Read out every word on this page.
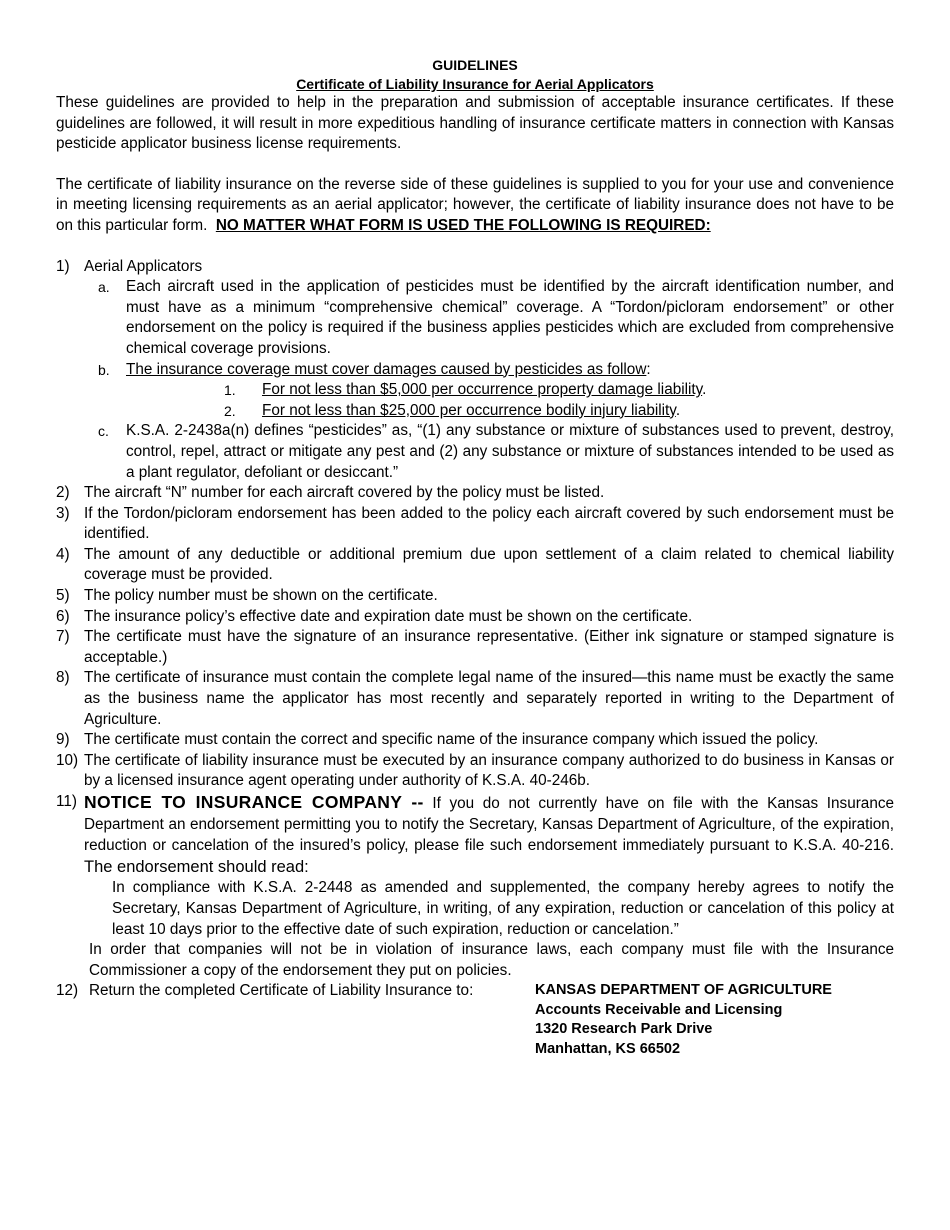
GUIDELINES
Certificate of Liability Insurance for Aerial Applicators

These guidelines are provided to help in the preparation and submission of acceptable insurance certificates. If these guidelines are followed, it will result in more expeditious handling of insurance certificate matters in connection with Kansas pesticide applicator business license requirements.

The certificate of liability insurance on the reverse side of these guidelines is supplied to you for your use and convenience in meeting licensing requirements as an aerial applicator; however, the certificate of liability insurance does not have to be on this particular form. NO MATTER WHAT FORM IS USED THE FOLLOWING IS REQUIRED:

1) Aerial Applicators
a.	Each aircraft used in the application of pesticides must be identified by the aircraft identification number, and must have as a minimum “comprehensive chemical” coverage. A “Tordon/picloram endorsement” or other endorsement on the policy is required if the business applies pesticides which are excluded from comprehensive chemical coverage provisions.
b.	The insurance coverage must cover damages caused by pesticides as follow:
1.	For not less than $5,000 per occurrence property damage liability.
2.	For not less than $25,000 per occurrence bodily injury liability.
c.	K.S.A. 2-2438a(n) defines “pesticides” as, “(1) any substance or mixture of substances used to prevent, destroy, control, repel, attract or mitigate any pest and (2) any substance or mixture of substances intended to be used as a plant regulator, defoliant or desiccant.”
2) The aircraft “N” number for each aircraft covered by the policy must be listed.
3) If the Tordon/picloram endorsement has been added to the policy each aircraft covered by such endorsement must be identified.
4) The amount of any deductible or additional premium due upon settlement of a claim related to chemical liability coverage must be provided.
5) The policy number must be shown on the certificate.
6) The insurance policy’s effective date and expiration date must be shown on the certificate.
7) The certificate must have the signature of an insurance representative. (Either ink signature or stamped signature is acceptable.)
8) The certificate of insurance must contain the complete legal name of the insured—this name must be exactly the same as the business name the applicator has most recently and separately reported in writing to the Department of Agriculture.
9) The certificate must contain the correct and specific name of the insurance company which issued the policy.
10) The certificate of liability insurance must be executed by an insurance company authorized to do business in Kansas or by a licensed insurance agent operating under authority of K.S.A. 40-246b.
11) NOTICE TO INSURANCE COMPANY -- If you do not currently have on file with the Kansas Insurance Department an endorsement permitting you to notify the Secretary, Kansas Department of Agriculture, of the expiration, reduction or cancelation of the insured’s policy, please file such endorsement immediately pursuant to K.S.A. 40-216. The endorsement should read:
In compliance with K.S.A. 2-2448 as amended and supplemented, the company hereby agrees to notify the Secretary, Kansas Department of Agriculture, in writing, of any expiration, reduction or cancelation of this policy at least 10 days prior to the effective date of such expiration, reduction or cancelation.”
In order that companies will not be in violation of insurance laws, each company must file with the Insurance Commissioner a copy of the endorsement they put on policies.
12) Return the completed Certificate of Liability Insurance to:	KANSAS DEPARTMENT OF AGRICULTURE
Accounts Receivable and Licensing
1320 Research Park Drive
Manhattan, KS 66502
